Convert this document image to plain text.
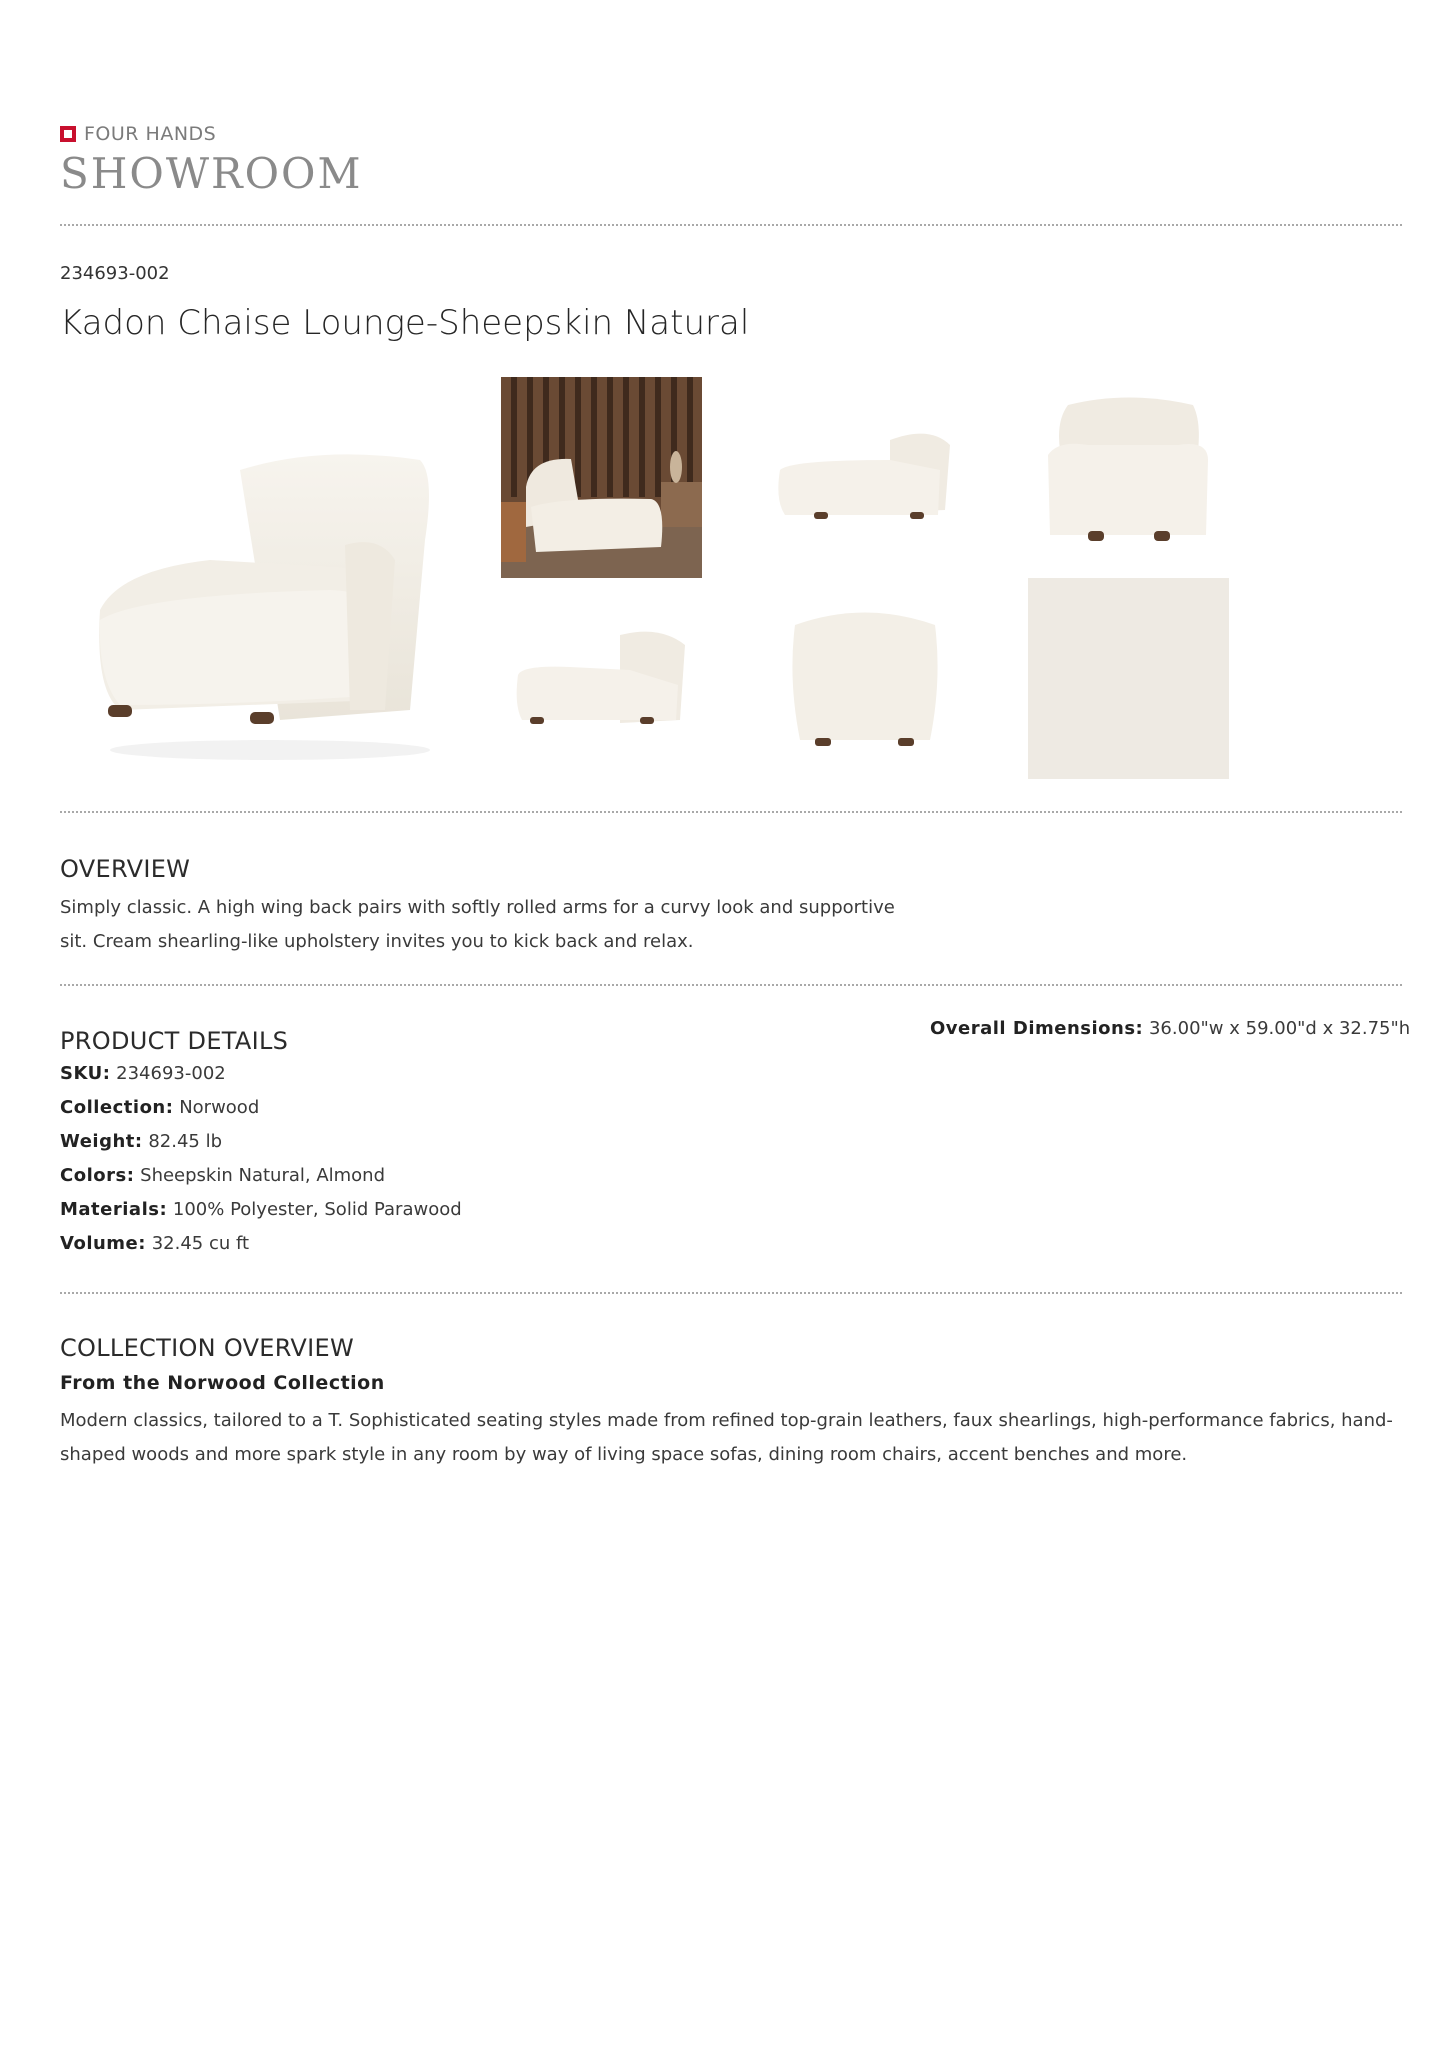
FOUR HANDS
SHOWROOM
234693-002
Kadon Chaise Lounge-Sheepskin Natural
OVERVIEW
Simply classic. A high wing back pairs with softly rolled arms for a curvy look and supportive
sit. Cream shearling-like upholstery invites you to kick back and relax.
PRODUCT DETAILS
SKU: 234693-002
Collection: Norwood
Weight: 82.45 lb
Colors: Sheepskin Natural, Almond
Materials: 100% Polyester, Solid Parawood
Volume: 32.45 cu ft
Overall Dimensions: 36.00"w x 59.00"d x 32.75"h
COLLECTION OVERVIEW
From the Norwood Collection
Modern classics, tailored to a T. Sophisticated seating styles made from refined top-grain leathers, faux shearlings, high-performance fabrics, hand-
shaped woods and more spark style in any room by way of living space sofas, dining room chairs, accent benches and more.
